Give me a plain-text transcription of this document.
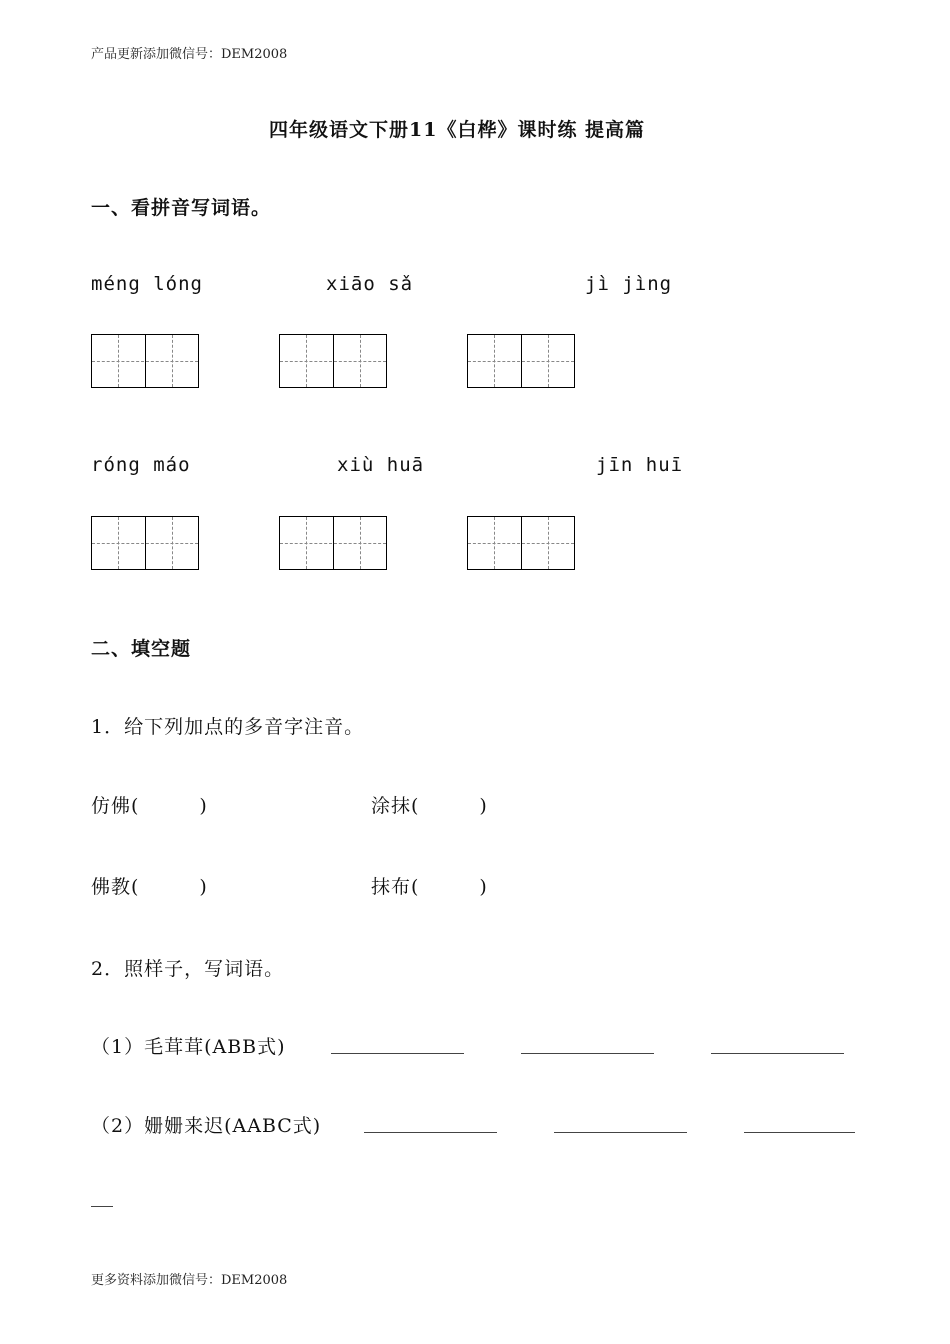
产品更新添加微信号：DEM2008
四年级语文下册11《白桦》课时练 提高篇
一、看拼音写词语。
méng lóng	xiāo sǎ	jì jìng
róng máo	xiù huā	jīn huī
二、填空题
1．给下列加点的多音字注音。
仿佛(　　　)	涂抹(　　　)
佛教(　　　)	抹布(　　　)
2．照样子，写词语。
（1）毛茸茸(ABB式)
（2）姗姗来迟(AABC式)
更多资料添加微信号：DEM2008
